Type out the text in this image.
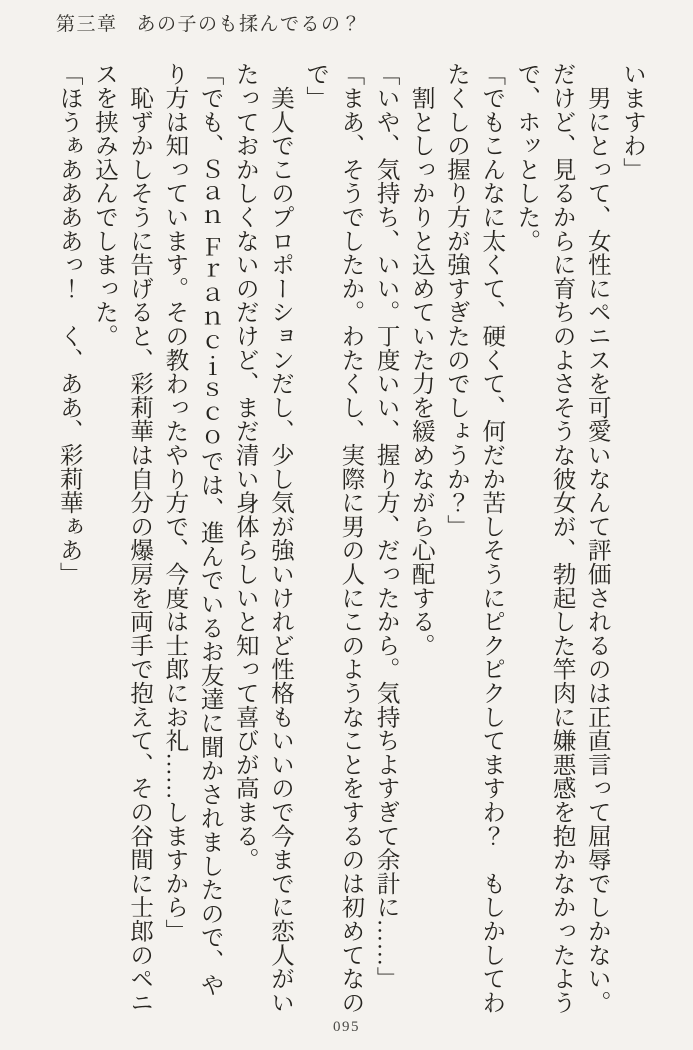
第三章 あの子のも揉んでるの？

いますわ」

　男にとって、女性にペニスを可愛いなんて評価されるのは正直言って屈辱でしかない。だけど、見るからに育ちのよさそうな彼女が、勃起した竿肉に嫌悪感を抱かなかったようで、ホッとした。

「でもこんなに太くて、硬くて、何だか苦しそうにピクピクしてますわ？　もしかしてわたくしの握り方が強すぎたのでしょうか？」

　割としっかりと込めていた力を緩めながら心配する。

「いや、気持ち、いい。丁度いい、握り方、だったから。気持ちよすぎて余計に……」

「まあ、そうでしたか。わたくし、実際に男の人にこのようなことをするのは初めてなので」

　美人でこのプロポーションだし、少し気が強いけれど性格もいいので今までに恋人がいたっておかしくないのだけど、まだ清い身体らしいと知って喜びが高まる。

「でも、Ｓａｎ Ｆｒａｎｃｉｓｃｏでは、進んでいるお友達に聞かされましたので、やり方は知っています。その教わったやり方で、今度は士郎にお礼……しますから」

　恥ずかしそうに告げると、彩莉華は自分の爆房を両手で抱えて、その谷間に士郎のペニスを挟み込んでしまった。

「ほうぁああああっ！　く、ああ、彩莉華ぁあ」

095
